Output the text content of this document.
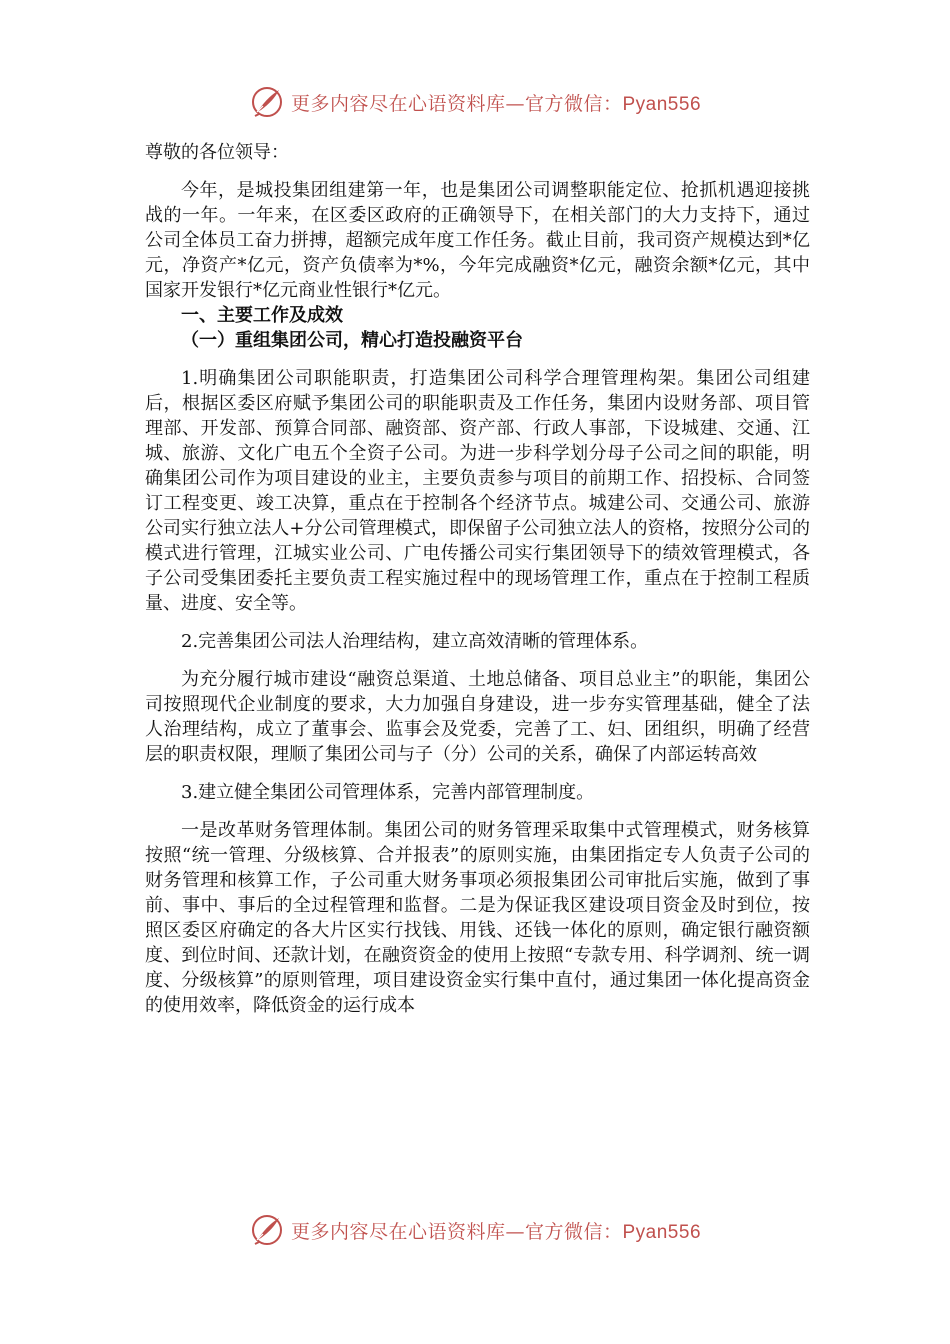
更多内容尽在心语资料库—官方微信：Pyan556

尊敬的各位领导：

今年，是城投集团组建第一年，也是集团公司调整职能定位、抢抓机遇迎接挑战的一年。一年来，在区委区政府的正确领导下，在相关部门的大力支持下，通过公司全体员工奋力拼搏，超额完成年度工作任务。截止目前，我司资产规模达到*亿元，净资产*亿元，资产负债率为*%，今年完成融资*亿元，融资余额*亿元，其中国家开发银行*亿元商业性银行*亿元。

一、主要工作及成效

（一）重组集团公司，精心打造投融资平台

1.明确集团公司职能职责，打造集团公司科学合理管理构架。集团公司组建后，根据区委区府赋予集团公司的职能职责及工作任务，集团内设财务部、项目管理部、开发部、预算合同部、融资部、资产部、行政人事部，下设城建、交通、江城、旅游、文化广电五个全资子公司。为进一步科学划分母子公司之间的职能，明确集团公司作为项目建设的业主，主要负责参与项目的前期工作、招投标、合同签订工程变更、竣工决算，重点在于控制各个经济节点。城建公司、交通公司、旅游公司实行独立法人+分公司管理模式，即保留子公司独立法人的资格，按照分公司的模式进行管理，江城实业公司、广电传播公司实行集团领导下的绩效管理模式，各子公司受集团委托主要负责工程实施过程中的现场管理工作，重点在于控制工程质量、进度、安全等。

2.完善集团公司法人治理结构，建立高效清晰的管理体系。

为充分履行城市建设“融资总渠道、土地总储备、项目总业主”的职能，集团公司按照现代企业制度的要求，大力加强自身建设，进一步夯实管理基础，健全了法人治理结构，成立了董事会、监事会及党委，完善了工、妇、团组织，明确了经营层的职责权限，理顺了集团公司与子（分）公司的关系，确保了内部运转高效

3.建立健全集团公司管理体系，完善内部管理制度。

一是改革财务管理体制。集团公司的财务管理采取集中式管理模式，财务核算按照“统一管理、分级核算、合并报表”的原则实施，由集团指定专人负责子公司的财务管理和核算工作，子公司重大财务事项必须报集团公司审批后实施，做到了事前、事中、事后的全过程管理和监督。二是为保证我区建设项目资金及时到位，按照区委区府确定的各大片区实行找钱、用钱、还钱一体化的原则，确定银行融资额度、到位时间、还款计划，在融资资金的使用上按照“专款专用、科学调剂、统一调度、分级核算”的原则管理，项目建设资金实行集中直付，通过集团一体化提高资金的使用效率，降低资金的运行成本

更多内容尽在心语资料库—官方微信：Pyan556
